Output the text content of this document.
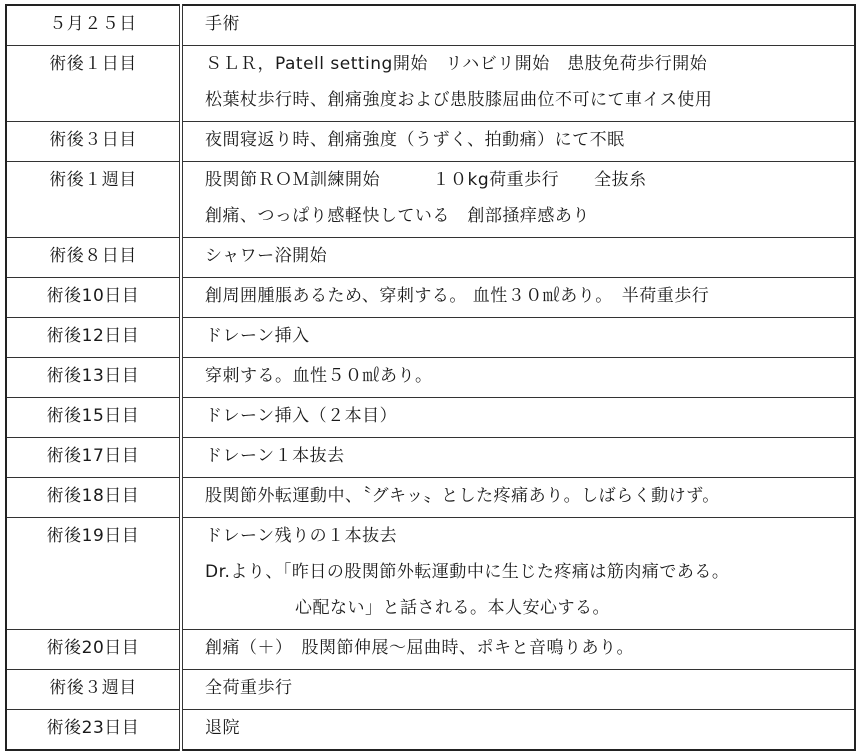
５月２５日	手術

術後１日目	ＳＬＲ，Patell setting開始　リハビリ開始　患肢免荷歩行開始
松葉杖歩行時、創痛強度および患肢膝屈曲位不可にて車イス使用

術後３日目	夜間寝返り時、創痛強度（うずく、拍動痛）にて不眠

術後１週目	股関節ＲＯＭ訓練開始　　　１０kg荷重歩行　　全抜糸
創痛、つっぱり感軽快している　創部掻痒感あり

術後８日目	シャワー浴開始

術後10日目	創周囲腫脹あるため、穿刺する。 血性３０㎖あり。　半荷重歩行

術後12日目	ドレーン挿入

術後13日目	穿刺する。血性５０㎖あり。

術後15日目	ドレーン挿入（２本目）

術後17日目	ドレーン１本抜去

術後18日目	股関節外転運動中、〝グキッ〟とした疼痛あり。しばらく動けず。

術後19日目	ドレーン残りの１本抜去
Dr.より、「昨日の股関節外転運動中に生じた疼痛は筋肉痛である。
心配ない」と話される。本人安心する。

術後20日目	創痛（＋）　股関節伸展～屈曲時、ポキと音鳴りあり。

術後３週目	全荷重歩行

術後23日目	退院
